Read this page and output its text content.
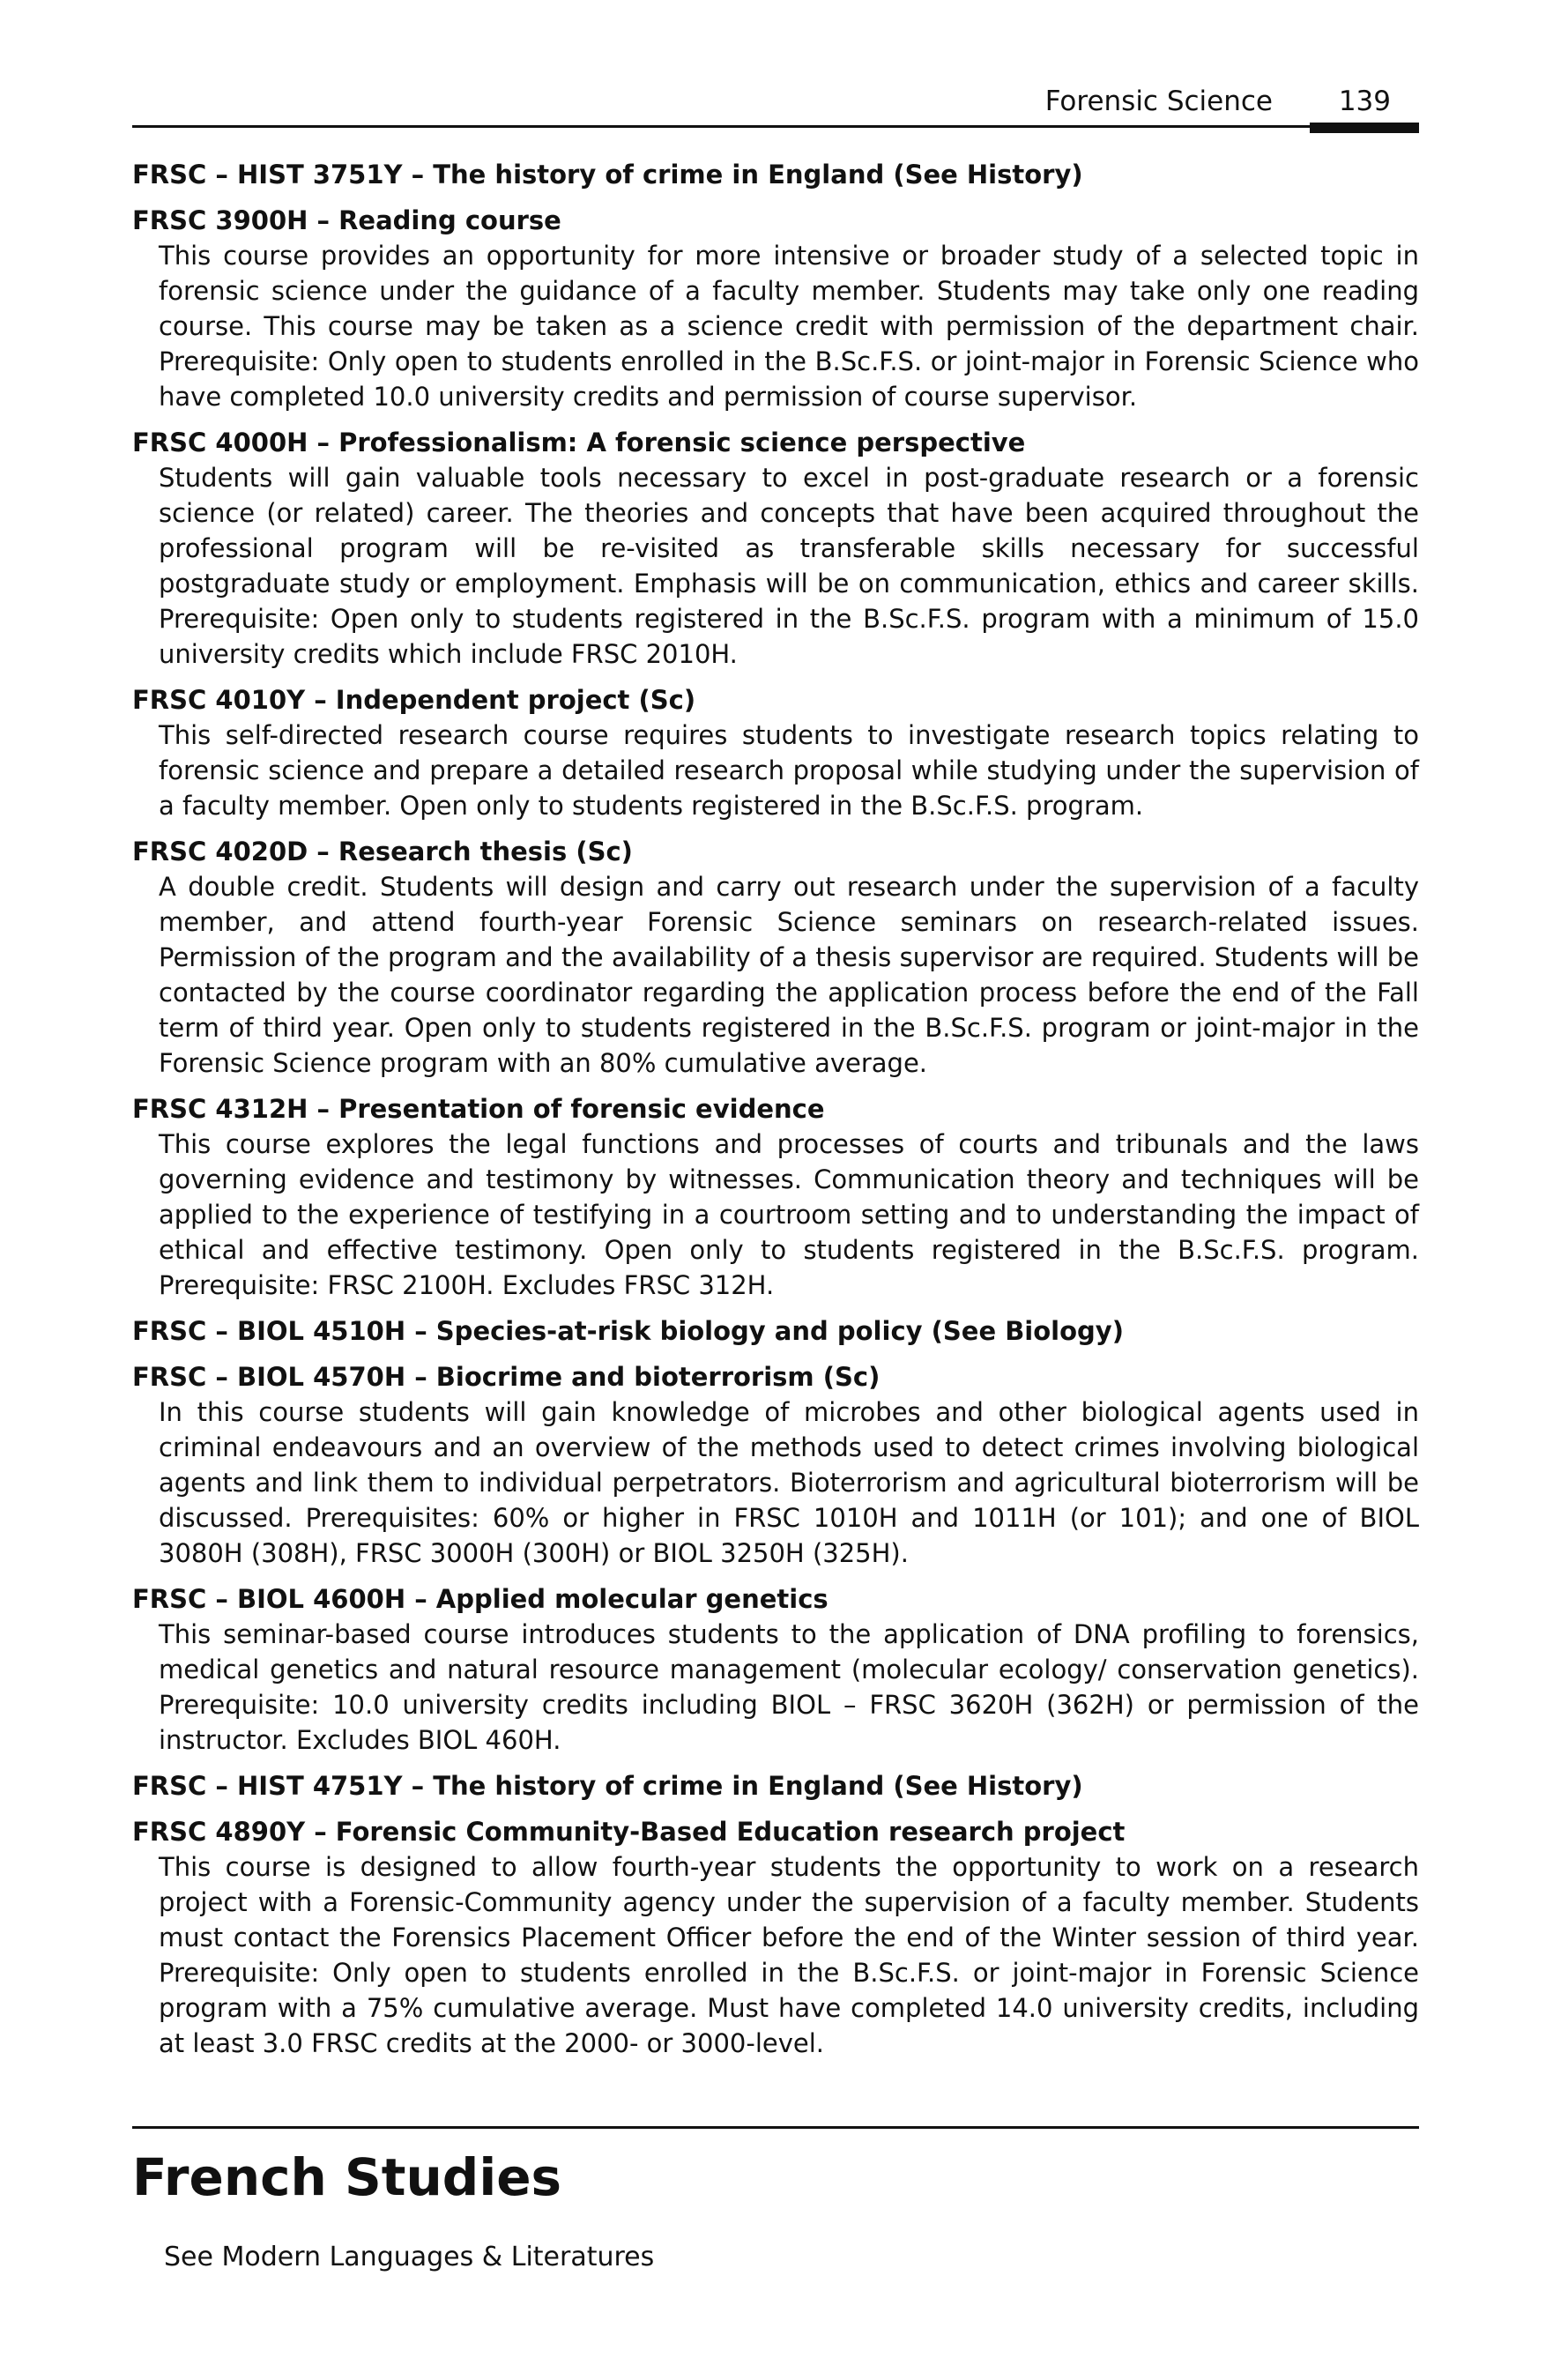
Forensic Science 139

FRSC – HIST 3751Y – The history of crime in England (See History)

FRSC 3900H – Reading course

This course provides an opportunity for more intensive or broader study of a selected topic in forensic science under the guidance of a faculty member. Students may take only one reading course. This course may be taken as a science credit with permission of the department chair. Prerequisite: Only open to students enrolled in the B.Sc.F.S. or joint-major in Forensic Science who have completed 10.0 university credits and permission of course supervisor.

FRSC 4000H – Professionalism: A forensic science perspective

Students will gain valuable tools necessary to excel in post-graduate research or a forensic science (or related) career. The theories and concepts that have been acquired throughout the professional program will be re-visited as transferable skills necessary for successful postgraduate study or employment. Emphasis will be on communication, ethics and career skills. Prerequisite: Open only to students registered in the B.Sc.F.S. program with a minimum of 15.0 university credits which include FRSC 2010H.

FRSC 4010Y – Independent project (Sc)

This self-directed research course requires students to investigate research topics relating to forensic science and prepare a detailed research proposal while studying under the supervision of a faculty member. Open only to students registered in the B.Sc.F.S. program.

FRSC 4020D – Research thesis (Sc)

A double credit. Students will design and carry out research under the supervision of a faculty member, and attend fourth-year Forensic Science seminars on research-related issues. Permission of the program and the availability of a thesis supervisor are required. Students will be contacted by the course coordinator regarding the application process before the end of the Fall term of third year. Open only to students registered in the B.Sc.F.S. program or joint-major in the Forensic Science program with an 80% cumulative average.

FRSC 4312H – Presentation of forensic evidence

This course explores the legal functions and processes of courts and tribunals and the laws governing evidence and testimony by witnesses. Communication theory and techniques will be applied to the experience of testifying in a courtroom setting and to understanding the impact of ethical and effective testimony. Open only to students registered in the B.Sc.F.S. program. Prerequisite: FRSC 2100H. Excludes FRSC 312H.

FRSC – BIOL 4510H – Species-at-risk biology and policy (See Biology)

FRSC – BIOL 4570H – Biocrime and bioterrorism (Sc)

In this course students will gain knowledge of microbes and other biological agents used in criminal endeavours and an overview of the methods used to detect crimes involving biological agents and link them to individual perpetrators. Bioterrorism and agricultural bioterrorism will be discussed. Prerequisites: 60% or higher in FRSC 1010H and 1011H (or 101); and one of BIOL 3080H (308H), FRSC 3000H (300H) or BIOL 3250H (325H).

FRSC – BIOL 4600H – Applied molecular genetics

This seminar-based course introduces students to the application of DNA profiling to forensics, medical genetics and natural resource management (molecular ecology/ conservation genetics). Prerequisite: 10.0 university credits including BIOL – FRSC 3620H (362H) or permission of the instructor. Excludes BIOL 460H.

FRSC – HIST 4751Y – The history of crime in England (See History)

FRSC 4890Y – Forensic Community-Based Education research project

This course is designed to allow fourth-year students the opportunity to work on a research project with a Forensic-Community agency under the supervision of a faculty member. Students must contact the Forensics Placement Officer before the end of the Winter session of third year. Prerequisite: Only open to students enrolled in the B.Sc.F.S. or joint-major in Forensic Science program with a 75% cumulative average. Must have completed 14.0 university credits, including at least 3.0 FRSC credits at the 2000- or 3000-level.

French Studies

See Modern Languages & Literatures
